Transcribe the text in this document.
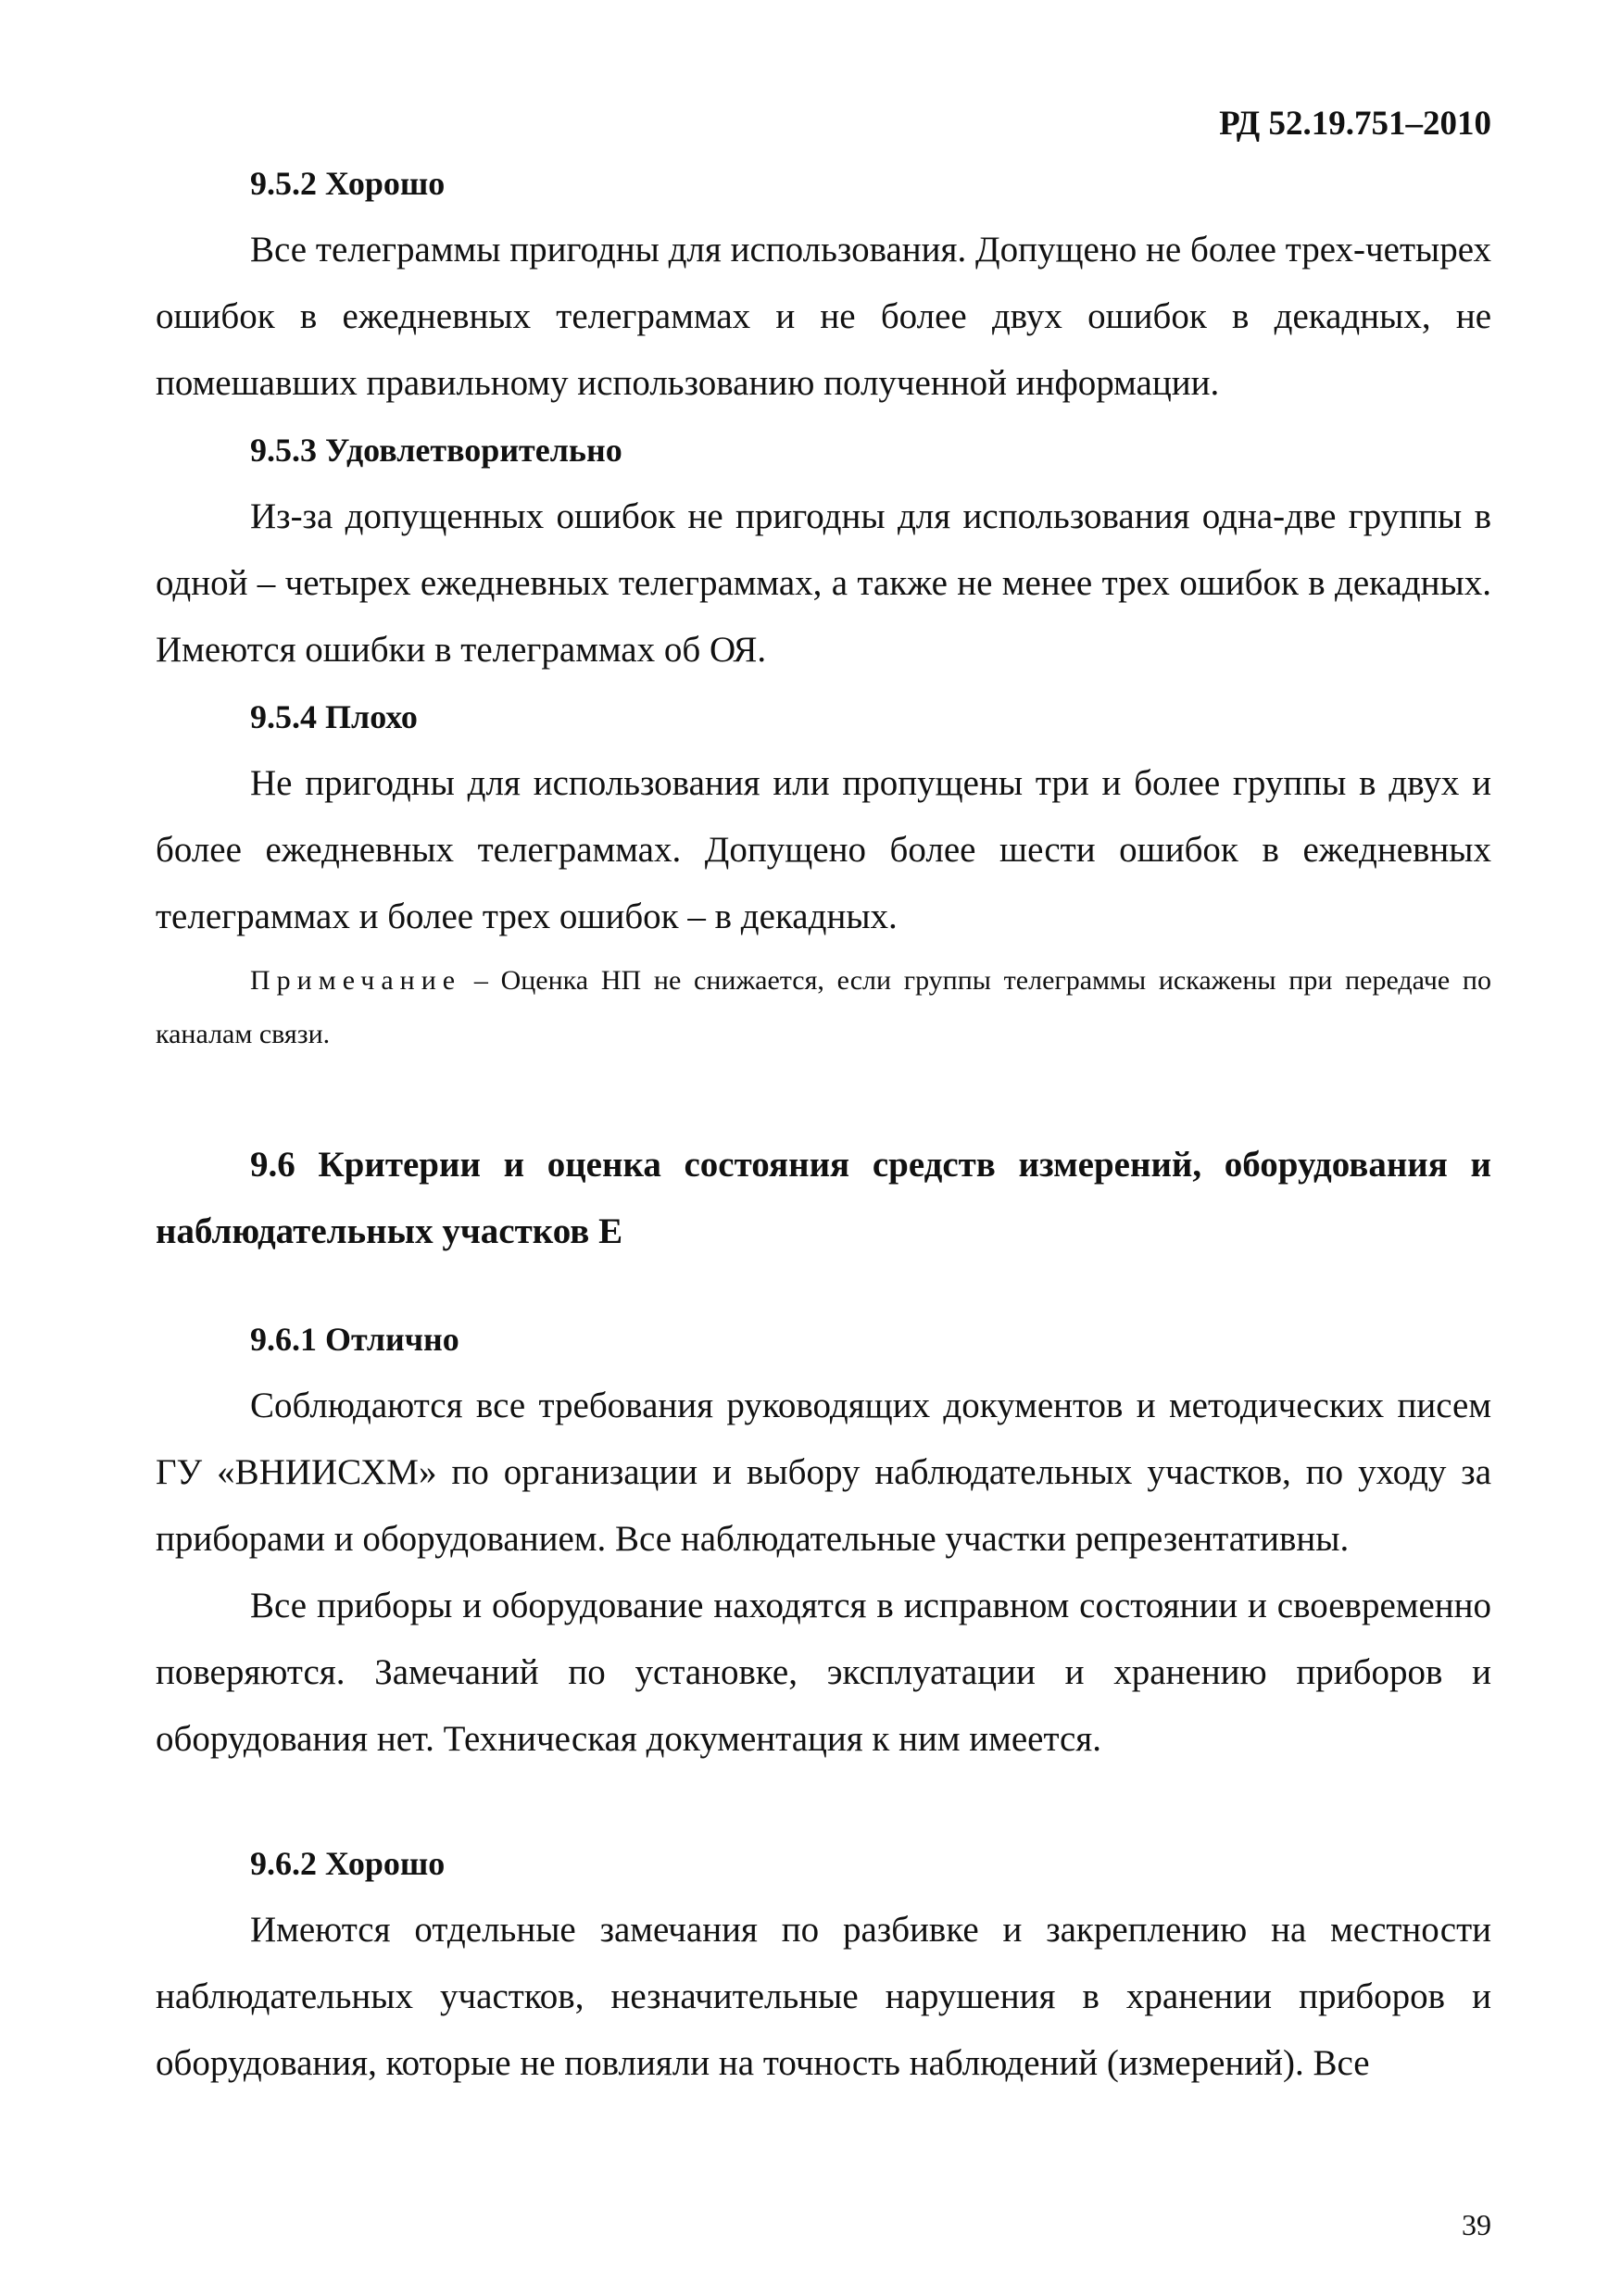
РД 52.19.751–2010

9.5.2 Хорошо

Все телеграммы пригодны для использования. Допущено не более трех-четырех ошибок в ежедневных телеграммах и не более двух ошибок в декадных, не помешавших правильному использованию полученной информации.

9.5.3 Удовлетворительно

Из-за допущенных ошибок не пригодны для использования одна-две группы в одной – четырех ежедневных телеграммах, а также не менее трех ошибок в декадных. Имеются ошибки в телеграммах об ОЯ.

9.5.4 Плохо

Не пригодны для использования или пропущены три и более группы в двух и более ежедневных телеграммах. Допущено более шести ошибок в ежедневных телеграммах и более трех ошибок – в декадных.

Примечание – Оценка НП не снижается, если группы телеграммы искажены при передаче по каналам связи.

9.6 Критерии и оценка состояния средств измерений, оборудования и наблюдательных участков Е

9.6.1 Отлично

Соблюдаются все требования руководящих документов и методических писем ГУ «ВНИИСХМ» по организации и выбору наблюдательных участков, по уходу за приборами и оборудованием. Все наблюдательные участки репрезентативны.

Все приборы и оборудование находятся в исправном состоянии и своевременно поверяются. Замечаний по установке, эксплуатации и хранению приборов и оборудования нет. Техническая документация к ним имеется.

9.6.2 Хорошо

Имеются отдельные замечания по разбивке и закреплению на местности наблюдательных участков, незначительные нарушения в хранении приборов и оборудования, которые не повлияли на точность наблюдений (измерений). Все

39
